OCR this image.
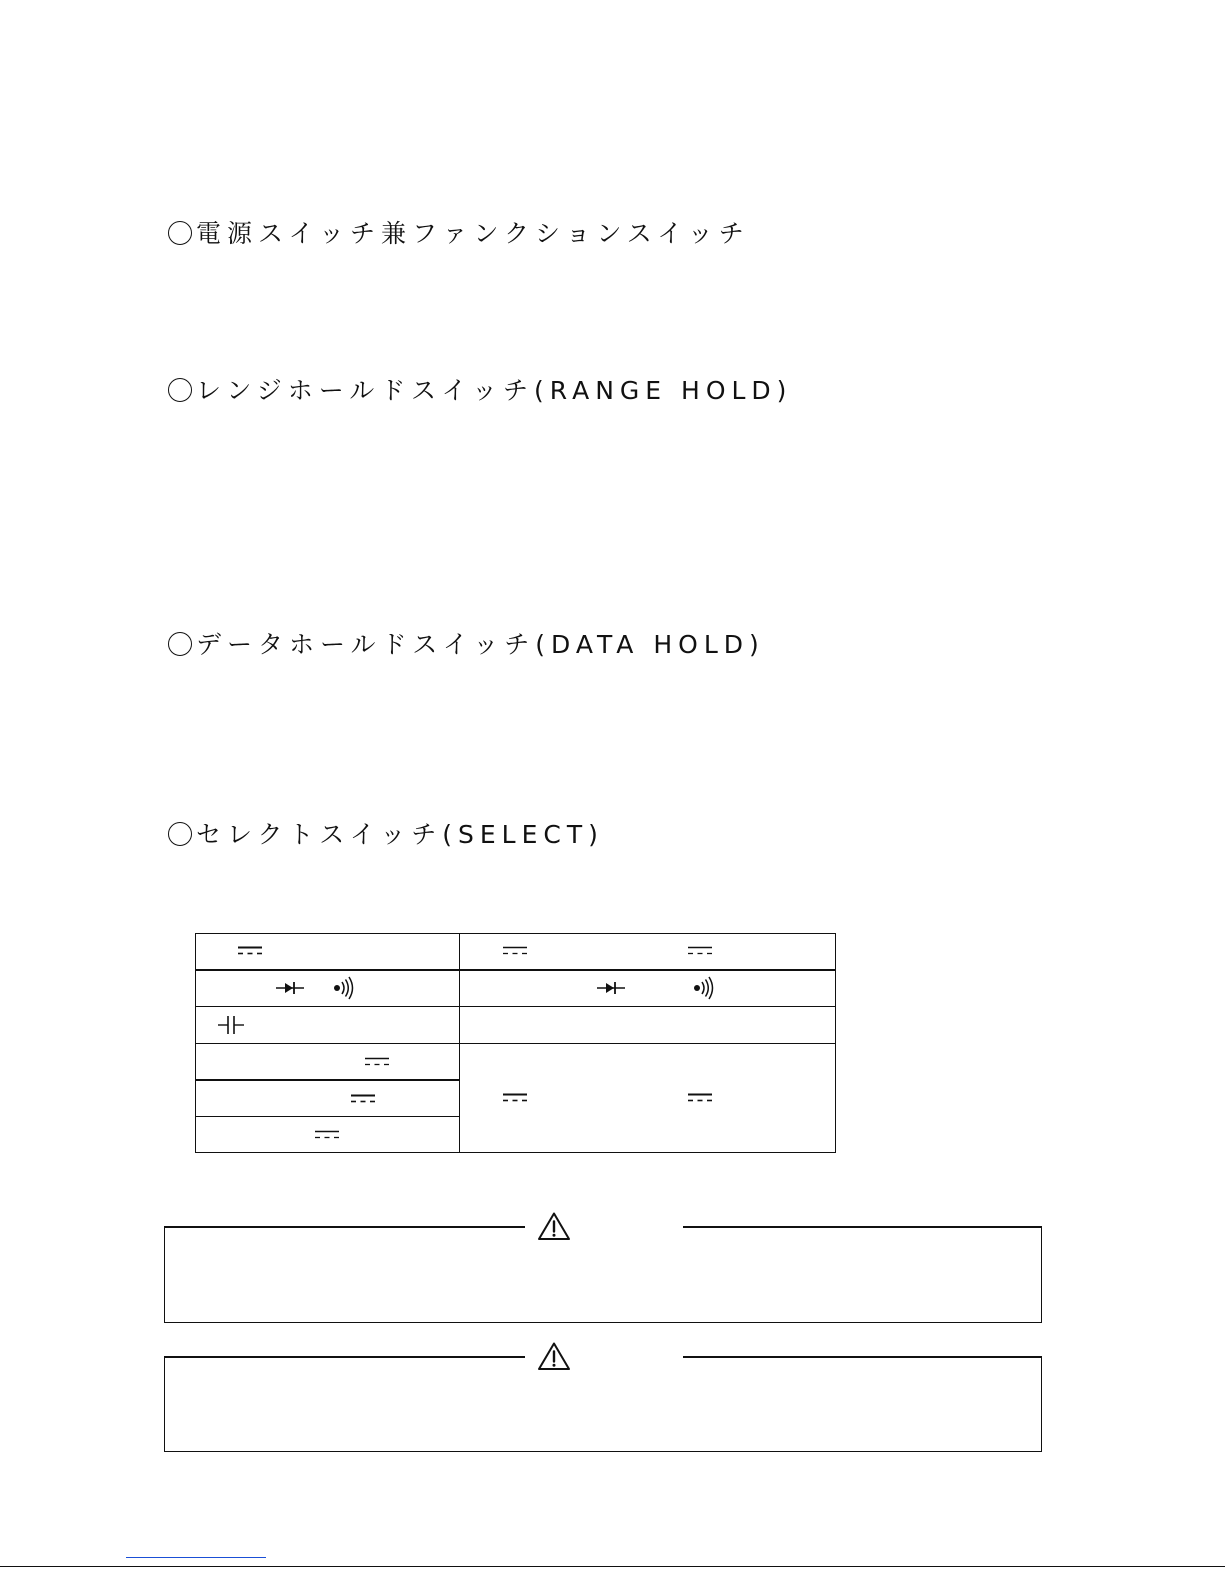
電源スイッチ兼ファンクションスイッチ
レンジホールドスイッチ(RANGE HOLD)
データホールドスイッチ(DATA HOLD)
セレクトスイッチ(SELECT)
